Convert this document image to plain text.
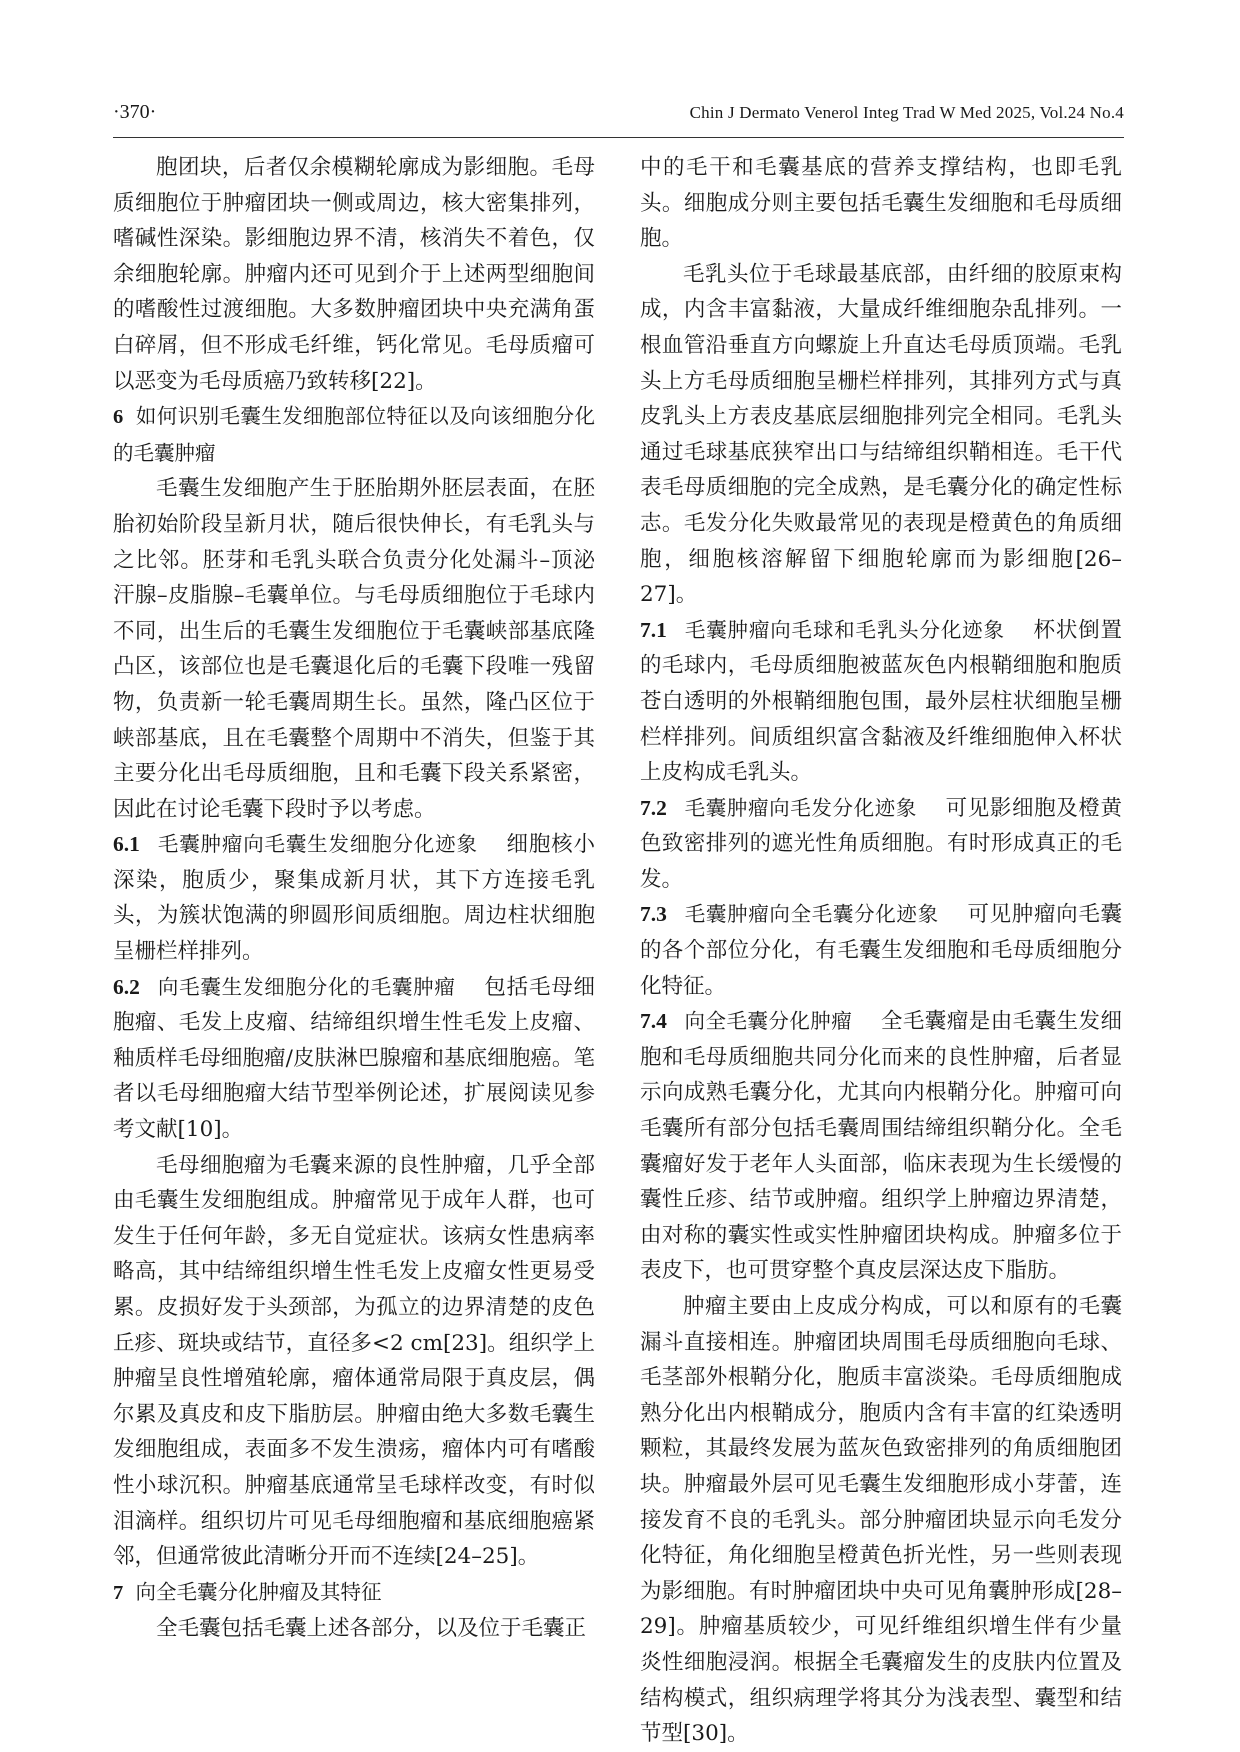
·370·	Chin J Dermato Venerol Integ Trad W Med 2025, Vol.24 No.4

胞团块，后者仅余模糊轮廓成为影细胞。毛母质细胞位于肿瘤团块一侧或周边，核大密集排列，嗜碱性深染。影细胞边界不清，核消失不着色，仅余细胞轮廓。肿瘤内还可见到介于上述两型细胞间的嗜酸性过渡细胞。大多数肿瘤团块中央充满角蛋白碎屑，但不形成毛纤维，钙化常见。毛母质瘤可以恶变为毛母质癌乃致转移[22]。

6 如何识别毛囊生发细胞部位特征以及向该细胞分化的毛囊肿瘤

毛囊生发细胞产生于胚胎期外胚层表面，在胚胎初始阶段呈新月状，随后很快伸长，有毛乳头与之比邻。胚芽和毛乳头联合负责分化处漏斗–顶泌汗腺–皮脂腺–毛囊单位。与毛母质细胞位于毛球内不同，出生后的毛囊生发细胞位于毛囊峡部基底隆凸区，该部位也是毛囊退化后的毛囊下段唯一残留物，负责新一轮毛囊周期生长。虽然，隆凸区位于峡部基底，且在毛囊整个周期中不消失，但鉴于其主要分化出毛母质细胞，且和毛囊下段关系紧密，因此在讨论毛囊下段时予以考虑。

6.1 毛囊肿瘤向毛囊生发细胞分化迹象 细胞核小深染，胞质少，聚集成新月状，其下方连接毛乳头，为簇状饱满的卵圆形间质细胞。周边柱状细胞呈栅栏样排列。

6.2 向毛囊生发细胞分化的毛囊肿瘤 包括毛母细胞瘤、毛发上皮瘤、结缔组织增生性毛发上皮瘤、釉质样毛母细胞瘤/皮肤淋巴腺瘤和基底细胞癌。笔者以毛母细胞瘤大结节型举例论述，扩展阅读见参考文献[10]。

毛母细胞瘤为毛囊来源的良性肿瘤，几乎全部由毛囊生发细胞组成。肿瘤常见于成年人群，也可发生于任何年龄，多无自觉症状。该病女性患病率略高，其中结缔组织增生性毛发上皮瘤女性更易受累。皮损好发于头颈部，为孤立的边界清楚的皮色丘疹、斑块或结节，直径多<2 cm[23]。组织学上肿瘤呈良性增殖轮廓，瘤体通常局限于真皮层，偶尔累及真皮和皮下脂肪层。肿瘤由绝大多数毛囊生发细胞组成，表面多不发生溃疡，瘤体内可有嗜酸性小球沉积。肿瘤基底通常呈毛球样改变，有时似泪滴样。组织切片可见毛母细胞瘤和基底细胞癌紧邻，但通常彼此清晰分开而不连续[24–25]。

7 向全毛囊分化肿瘤及其特征

全毛囊包括毛囊上述各部分，以及位于毛囊正

中的毛干和毛囊基底的营养支撑结构，也即毛乳头。细胞成分则主要包括毛囊生发细胞和毛母质细胞。

毛乳头位于毛球最基底部，由纤细的胶原束构成，内含丰富黏液，大量成纤维细胞杂乱排列。一根血管沿垂直方向螺旋上升直达毛母质顶端。毛乳头上方毛母质细胞呈栅栏样排列，其排列方式与真皮乳头上方表皮基底层细胞排列完全相同。毛乳头通过毛球基底狭窄出口与结缔组织鞘相连。毛干代表毛母质细胞的完全成熟，是毛囊分化的确定性标志。毛发分化失败最常见的表现是橙黄色的角质细胞，细胞核溶解留下细胞轮廓而为影细胞[26–27]。

7.1 毛囊肿瘤向毛球和毛乳头分化迹象 杯状倒置的毛球内，毛母质细胞被蓝灰色内根鞘细胞和胞质苍白透明的外根鞘细胞包围，最外层柱状细胞呈栅栏样排列。间质组织富含黏液及纤维细胞伸入杯状上皮构成毛乳头。

7.2 毛囊肿瘤向毛发分化迹象 可见影细胞及橙黄色致密排列的遮光性角质细胞。有时形成真正的毛发。

7.3 毛囊肿瘤向全毛囊分化迹象 可见肿瘤向毛囊的各个部位分化，有毛囊生发细胞和毛母质细胞分化特征。

7.4 向全毛囊分化肿瘤 全毛囊瘤是由毛囊生发细胞和毛母质细胞共同分化而来的良性肿瘤，后者显示向成熟毛囊分化，尤其向内根鞘分化。肿瘤可向毛囊所有部分包括毛囊周围结缔组织鞘分化。全毛囊瘤好发于老年人头面部，临床表现为生长缓慢的囊性丘疹、结节或肿瘤。组织学上肿瘤边界清楚，由对称的囊实性或实性肿瘤团块构成。肿瘤多位于表皮下，也可贯穿整个真皮层深达皮下脂肪。

肿瘤主要由上皮成分构成，可以和原有的毛囊漏斗直接相连。肿瘤团块周围毛母质细胞向毛球、毛茎部外根鞘分化，胞质丰富淡染。毛母质细胞成熟分化出内根鞘成分，胞质内含有丰富的红染透明颗粒，其最终发展为蓝灰色致密排列的角质细胞团块。肿瘤最外层可见毛囊生发细胞形成小芽蕾，连接发育不良的毛乳头。部分肿瘤团块显示向毛发分化特征，角化细胞呈橙黄色折光性，另一些则表现为影细胞。有时肿瘤团块中央可见角囊肿形成[28–29]。肿瘤基质较少，可见纤维组织增生伴有少量炎性细胞浸润。根据全毛囊瘤发生的皮肤内位置及结构模式，组织病理学将其分为浅表型、囊型和结节型[30]。
